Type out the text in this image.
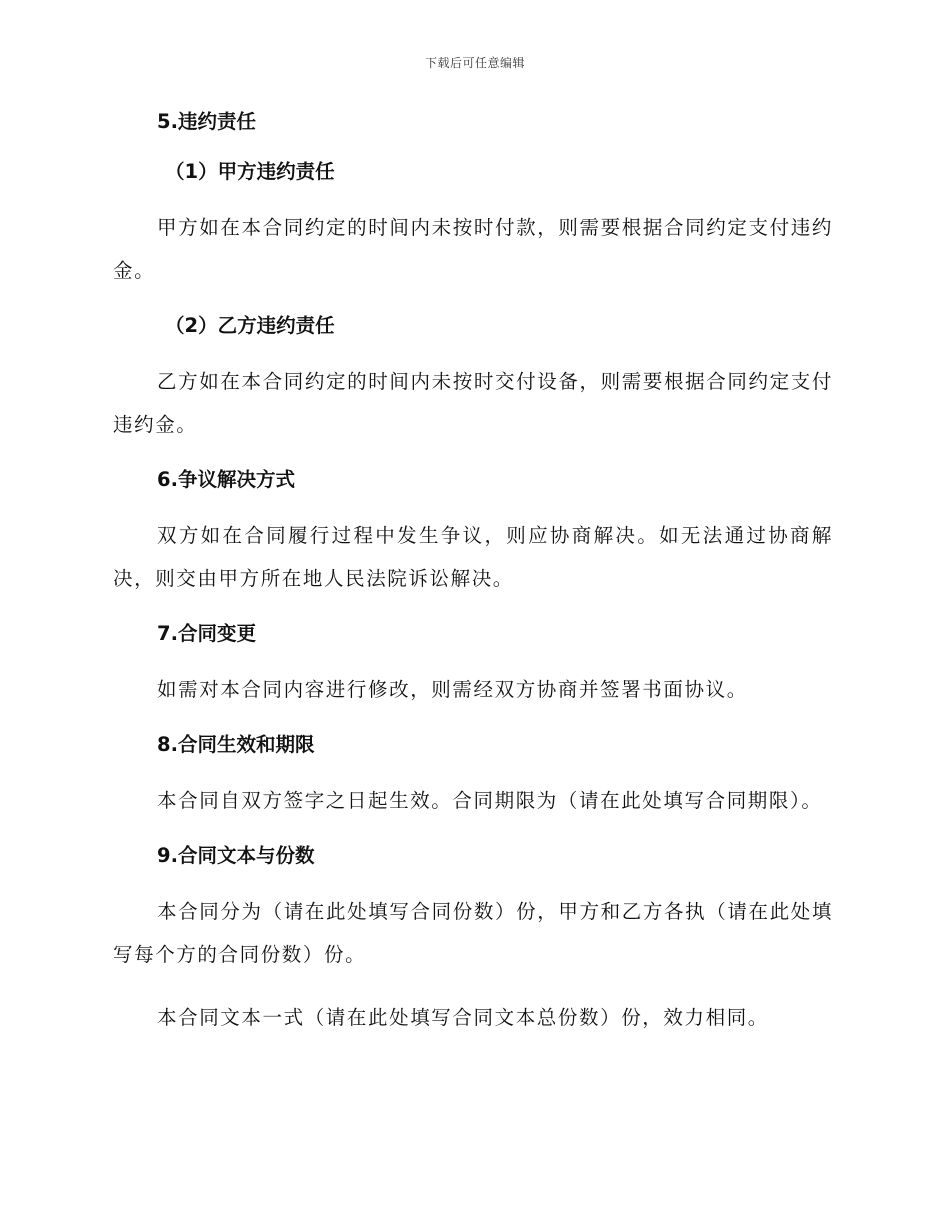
下载后可任意编辑

5.违约责任

（1）甲方违约责任

甲方如在本合同约定的时间内未按时付款，则需要根据合同约定支付违约金。

（2）乙方违约责任

乙方如在本合同约定的时间内未按时交付设备，则需要根据合同约定支付违约金。

6.争议解决方式

双方如在合同履行过程中发生争议，则应协商解决。如无法通过协商解决，则交由甲方所在地人民法院诉讼解决。

7.合同变更

如需对本合同内容进行修改，则需经双方协商并签署书面协议。

8.合同生效和期限

本合同自双方签字之日起生效。合同期限为（请在此处填写合同期限）。

9.合同文本与份数

本合同分为（请在此处填写合同份数）份，甲方和乙方各执（请在此处填写每个方的合同份数）份。

本合同文本一式（请在此处填写合同文本总份数）份，效力相同。
